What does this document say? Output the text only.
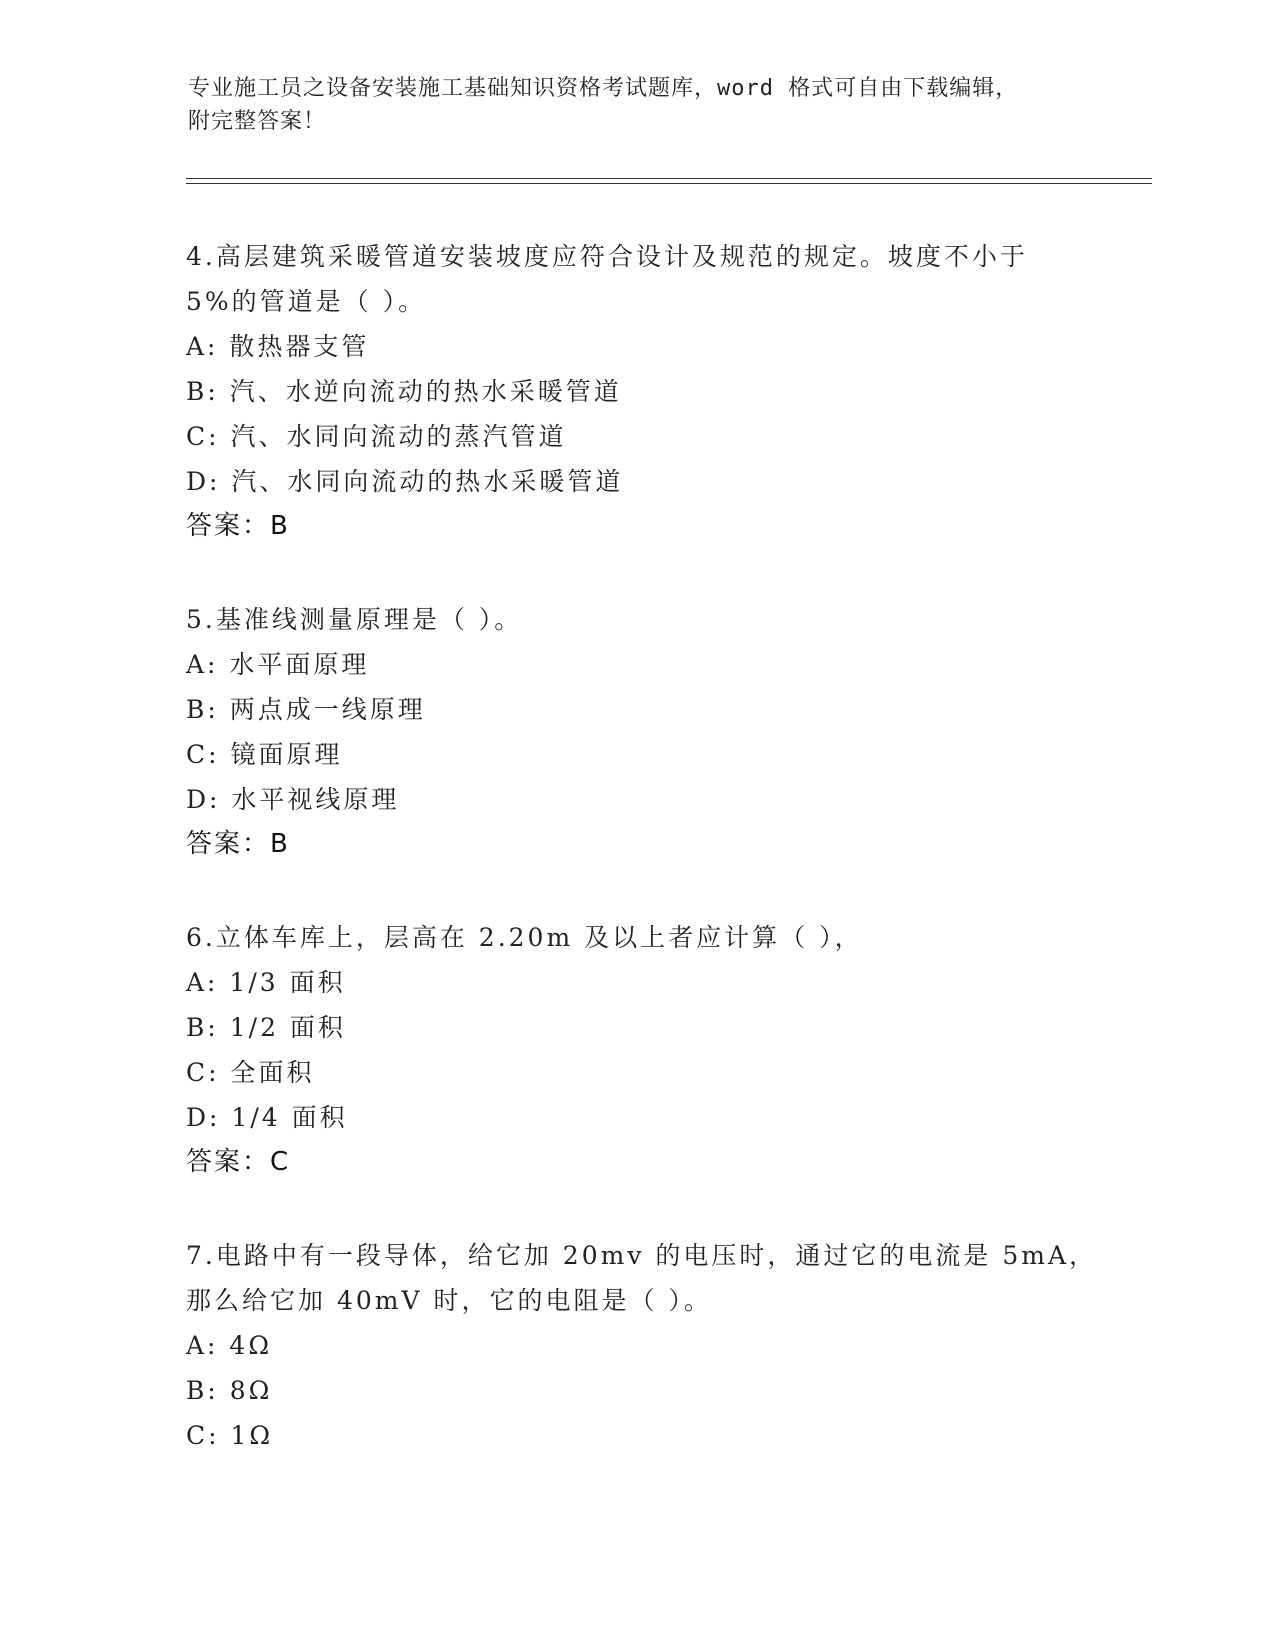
专业施工员之设备安装施工基础知识资格考试题库，word 格式可自由下载编辑，
附完整答案！
4.高层建筑采暖管道安装坡度应符合设计及规范的规定。坡度不小于
5%的管道是（ ）。
A: 散热器支管
B: 汽、水逆向流动的热水采暖管道
C: 汽、水同向流动的蒸汽管道
D: 汽、水同向流动的热水采暖管道
答案：B
5.基准线测量原理是（ ）。
A: 水平面原理
B: 两点成一线原理
C: 镜面原理
D: 水平视线原理
答案：B
6.立体车库上，层高在 2.20m 及以上者应计算（ ），
A: 1/3 面积
B: 1/2 面积
C: 全面积
D: 1/4 面积
答案：C
7.电路中有一段导体，给它加 20mv 的电压时，通过它的电流是 5mA，
那么给它加 40mV 时，它的电阻是（ ）。
A: 4Ω
B: 8Ω
C: 1Ω
